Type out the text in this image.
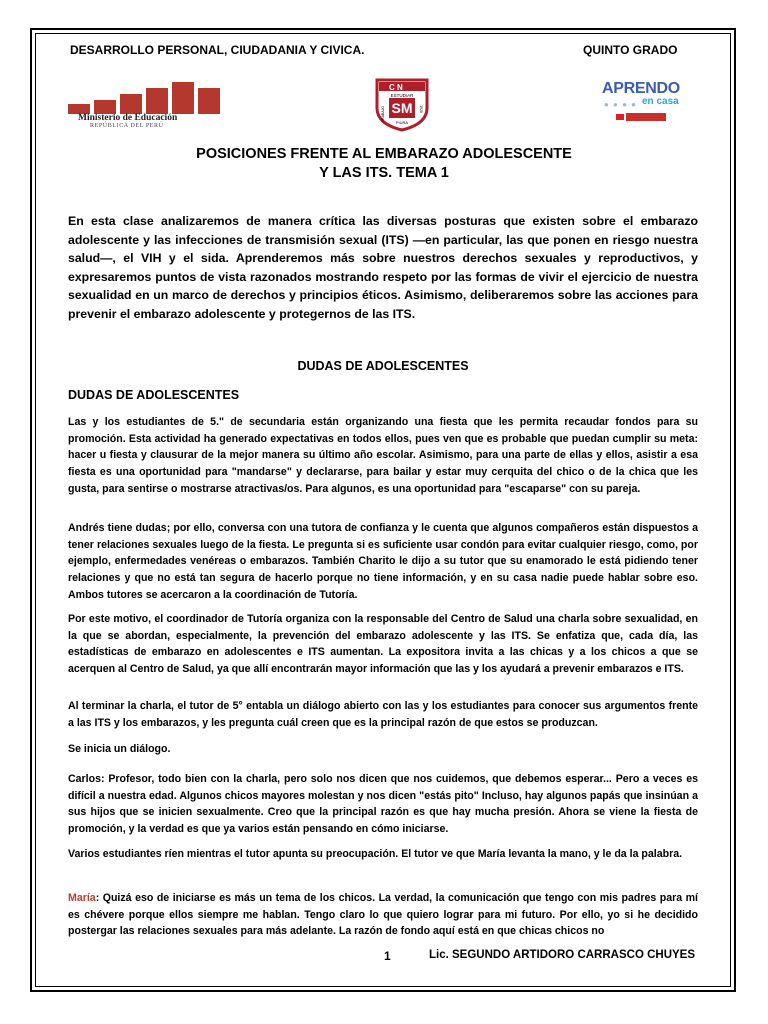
DESARROLLO PERSONAL, CIUDADANIA Y CIVICA.	QUINTO GRADO
Ministerio de Educación
REPÚBLICA DEL PERÚ
C N
ESTUDIAR
SM
TRABAJO	1920
PIURA
APRENDO
● ● ● ● en casa
POSICIONES FRENTE AL EMBARAZO ADOLESCENTE
Y LAS ITS. TEMA 1

En esta clase analizaremos de manera crítica las diversas posturas que existen sobre el embarazo adolescente y las infecciones de transmisión sexual (ITS) —en particular, las que ponen en riesgo nuestra salud—, el VIH y el sida. Aprenderemos más sobre nuestros derechos sexuales y reproductivos, y expresaremos puntos de vista razonados mostrando respeto por las formas de vivir el ejercicio de nuestra sexualidad en un marco de derechos y principios éticos. Asimismo, deliberaremos sobre las acciones para prevenir el embarazo adolescente y protegernos de las ITS.

DUDAS DE ADOLESCENTES
DUDAS DE ADOLESCENTES

Las y los estudiantes de 5." de secundaria están organizando una fiesta que les permita recaudar fondos para su promoción. Esta actividad ha generado expectativas en todos ellos, pues ven que es probable que puedan cumplir su meta: hacer u fiesta y clausurar de la mejor manera su último año escolar. Asimismo, para una parte de ellas y ellos, asistir a esa fiesta es una oportunidad para "mandarse" y declararse, para bailar y estar muy cerquita del chico o de la chica que les gusta, para sentirse o mostrarse atractivas/os. Para algunos, es una oportunidad para "escaparse" con su pareja.

Andrés tiene dudas; por ello, conversa con una tutora de confianza y le cuenta que algunos compañeros están dispuestos a tener relaciones sexuales luego de la fiesta. Le pregunta si es suficiente usar condón para evitar cualquier riesgo, como, por ejemplo, enfermedades venéreas o embarazos. También Charito le dijo a su tutor que su enamorado le está pidiendo tener relaciones y que no está tan segura de hacerlo porque no tiene información, y en su casa nadie puede hablar sobre eso. Ambos tutores se acercaron a la coordinación de Tutoría.

Por este motivo, el coordinador de Tutoría organiza con la responsable del Centro de Salud una charla sobre sexualidad, en la que se abordan, especialmente, la prevención del embarazo adolescente y las ITS. Se enfatiza que, cada día, las estadísticas de embarazo en adolescentes e ITS aumentan. La expositora invita a las chicas y a los chicos a que se acerquen al Centro de Salud, ya que allí encontrarán mayor información que las y los ayudará a prevenir embarazos e ITS.

Al terminar la charla, el tutor de 5° entabla un diálogo abierto con las y los estudiantes para conocer sus argumentos frente a las ITS y los embarazos, y les pregunta cuál creen que es la principal razón de que estos se produzcan.

Se inicia un diálogo.

Carlos: Profesor, todo bien con la charla, pero solo nos dicen que nos cuidemos, que debemos esperar... Pero a veces es difícil a nuestra edad. Algunos chicos mayores molestan y nos dicen "estás pito" Incluso, hay algunos papás que insinúan a sus hijos que se inicien sexualmente. Creo que la principal razón es que hay mucha presión. Ahora se viene la fiesta de promoción, y la verdad es que ya varios están pensando en cómo iniciarse.

Varios estudiantes ríen mientras el tutor apunta su preocupación. El tutor ve que María levanta la mano, y le da la palabra.

María: Quizá eso de iniciarse es más un tema de los chicos. La verdad, la comunicación que tengo con mis padres para mí es chévere porque ellos siempre me hablan. Tengo claro lo que quiero lograr para mi futuro. Por ello, yo si he decidido postergar las relaciones sexuales para más adelante. La razón de fondo aquí está en que chicas chicos no

1	Lic. SEGUNDO ARTIDORO CARRASCO CHUYES
